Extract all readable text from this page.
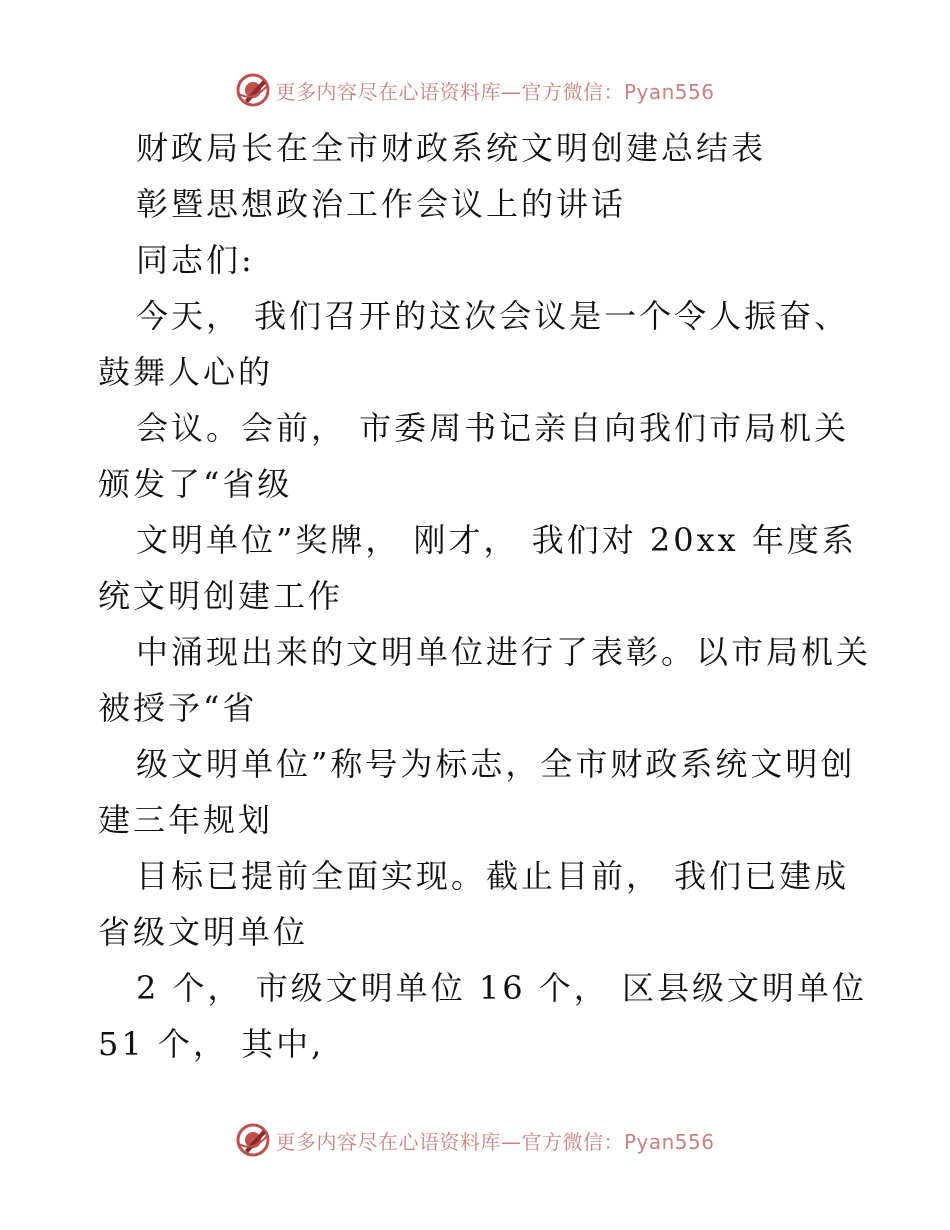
更多内容尽在心语资料库—官方微信：Pyan556
财政局长在全市财政系统文明创建总结表
彰暨思想政治工作会议上的讲话
同志们:
今天， 我们召开的这次会议是一个令人振奋、
鼓舞人心的
会议。会前， 市委周书记亲自向我们市局机关
颁发了“省级
文明单位”奖牌， 刚才， 我们对 20xx 年度系
统文明创建工作
中涌现出来的文明单位进行了表彰。以市局机关
被授予“省
级文明单位”称号为标志，全市财政系统文明创
建三年规划
目标已提前全面实现。截止目前， 我们已建成
省级文明单位
2 个， 市级文明单位 16 个， 区县级文明单位
51 个， 其中,
更多内容尽在心语资料库—官方微信：Pyan556
